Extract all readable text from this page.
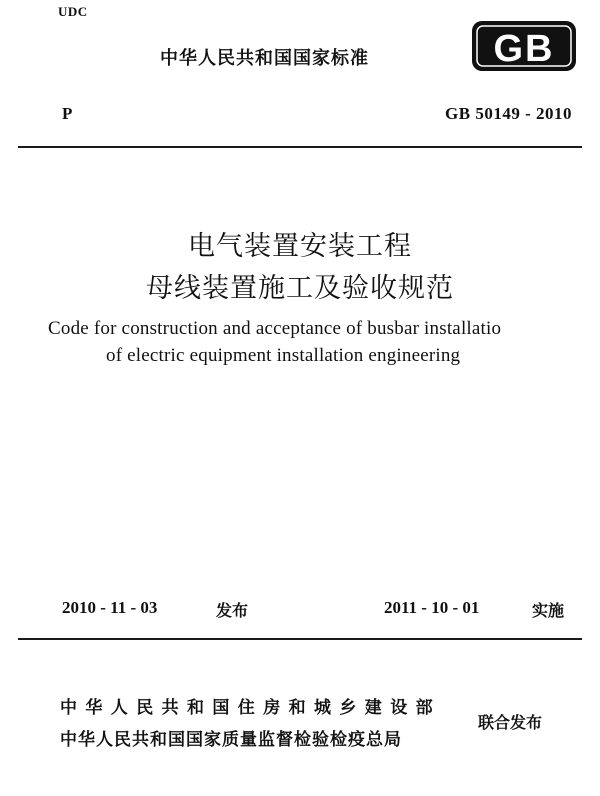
UDC
中华人民共和国国家标准	GB
P	GB 50149 - 2010
电气装置安装工程
母线装置施工及验收规范
Code for construction and acceptance of busbar installatio
of electric equipment installation engineering
2010 - 11 - 03	发布	2011 - 10 - 01	实施
中华人民共和国住房和城乡建设部
中华人民共和国国家质量监督检验检疫总局
联合发布
